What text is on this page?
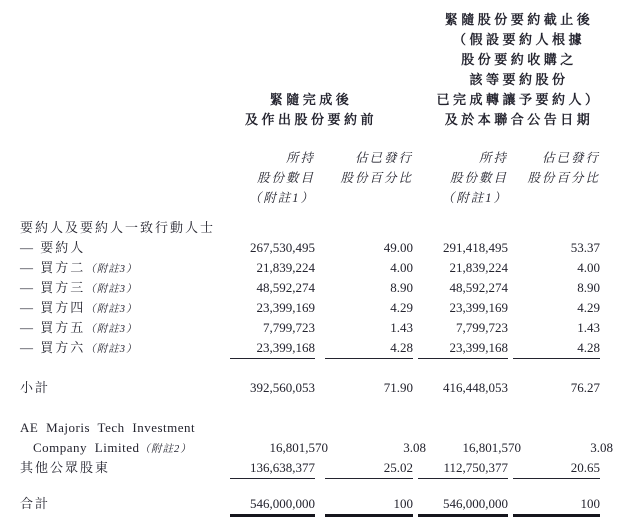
緊隨股份要約截止後
（假設要約人根據
股份要約收購之
該等要約股份
已完成轉讓予要約人）
及於本聯合公告日期
緊隨完成後
及作出股份要約前
所持
股份數目
（附註1）
佔已發行
股份百分比
所持
股份數目
（附註1）
佔已發行
股份百分比
要約人及要約人一致行動人士
— 要約人	267,530,495	49.00	291,418,495	53.37
— 買方二（附註3）	21,839,224	4.00	21,839,224	4.00
— 買方三（附註3）	48,592,274	8.90	48,592,274	8.90
— 買方四（附註3）	23,399,169	4.29	23,399,169	4.29
— 買方五（附註3）	7,799,723	1.43	7,799,723	1.43
— 買方六（附註3）	23,399,168	4.28	23,399,168	4.28
小計	392,560,053	71.90	416,448,053	76.27
AE Majoris Tech Investment
Company Limited（附註2）	16,801,570	3.08	16,801,570	3.08
其他公眾股東	136,638,377	25.02	112,750,377	20.65
合計	546,000,000	100	546,000,000	100
